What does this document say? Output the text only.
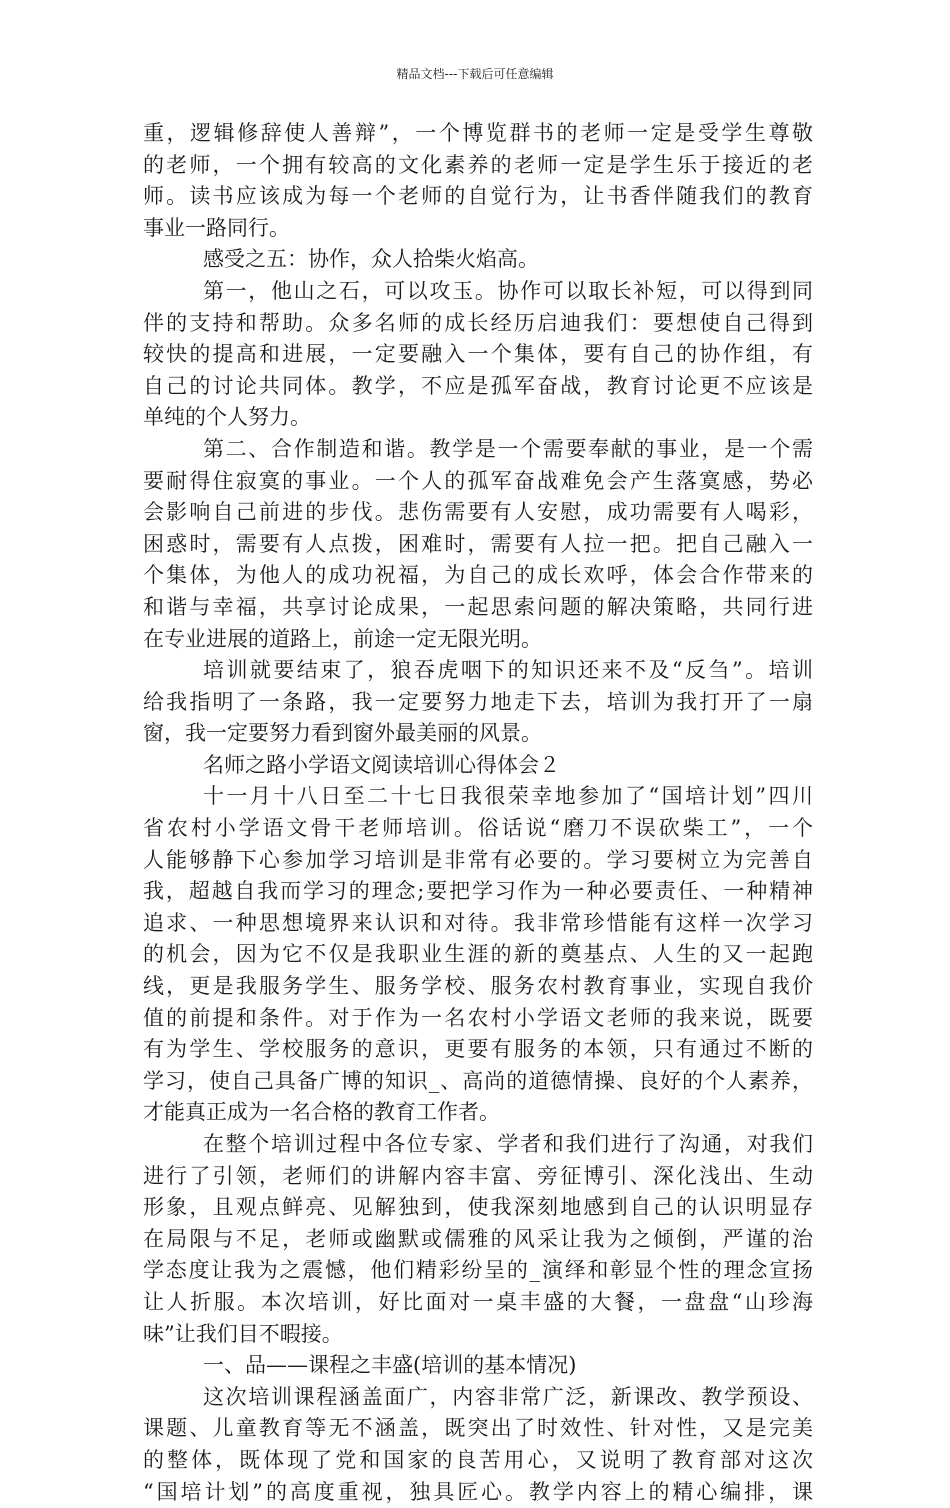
精品文档---下载后可任意编辑
重，逻辑修辞使人善辩”，一个博览群书的老师一定是受学生尊敬
的老师，一个拥有较高的文化素养的老师一定是学生乐于接近的老
师。读书应该成为每一个老师的自觉行为，让书香伴随我们的教育
事业一路同行。
感受之五：协作，众人拾柴火焰高。
第一，他山之石，可以攻玉。协作可以取长补短，可以得到同
伴的支持和帮助。众多名师的成长经历启迪我们：要想使自己得到
较快的提高和进展，一定要融入一个集体，要有自己的协作组，有
自己的讨论共同体。教学，不应是孤军奋战，教育讨论更不应该是
单纯的个人努力。
第二、合作制造和谐。教学是一个需要奉献的事业，是一个需
要耐得住寂寞的事业。一个人的孤军奋战难免会产生落寞感，势必
会影响自己前进的步伐。悲伤需要有人安慰，成功需要有人喝彩，
困惑时，需要有人点拨，困难时，需要有人拉一把。把自己融入一
个集体，为他人的成功祝福，为自己的成长欢呼，体会合作带来的
和谐与幸福，共享讨论成果，一起思索问题的解决策略，共同行进
在专业进展的道路上，前途一定无限光明。
培训就要结束了，狼吞虎咽下的知识还来不及“反刍”。培训
给我指明了一条路，我一定要努力地走下去，培训为我打开了一扇
窗，我一定要努力看到窗外最美丽的风景。
名师之路小学语文阅读培训心得体会２
十一月十八日至二十七日我很荣幸地参加了“国培计划”四川
省农村小学语文骨干老师培训。俗话说“磨刀不误砍柴工”，一个
人能够静下心参加学习培训是非常有必要的。学习要树立为完善自
我，超越自我而学习的理念;要把学习作为一种必要责任、一种精神
追求、一种思想境界来认识和对待。我非常珍惜能有这样一次学习
的机会，因为它不仅是我职业生涯的新的奠基点、人生的又一起跑
线，更是我服务学生、服务学校、服务农村教育事业，实现自我价
值的前提和条件。对于作为一名农村小学语文老师的我来说，既要
有为学生、学校服务的意识，更要有服务的本领，只有通过不断的
学习，使自己具备广博的知识_、高尚的道德情操、良好的个人素养，
才能真正成为一名合格的教育工作者。
在整个培训过程中各位专家、学者和我们进行了沟通，对我们
进行了引领，老师们的讲解内容丰富、旁征博引、深化浅出、生动
形象，且观点鲜亮、见解独到，使我深刻地感到自己的认识明显存
在局限与不足，老师或幽默或儒雅的风采让我为之倾倒，严谨的治
学态度让我为之震憾，他们精彩纷呈的_演绎和彰显个性的理念宣扬
让人折服。本次培训，好比面对一桌丰盛的大餐，一盘盘“山珍海
味”让我们目不暇接。
一、品——课程之丰盛(培训的基本情况)
这次培训课程涵盖面广，内容非常广泛，新课改、教学预设、
课题、儿童教育等无不涵盖，既突出了时效性、针对性，又是完美
的整体，既体现了党和国家的良苦用心，又说明了教育部对这次
“国培计划”的高度重视，独具匠心。教学内容上的精心编排，课
